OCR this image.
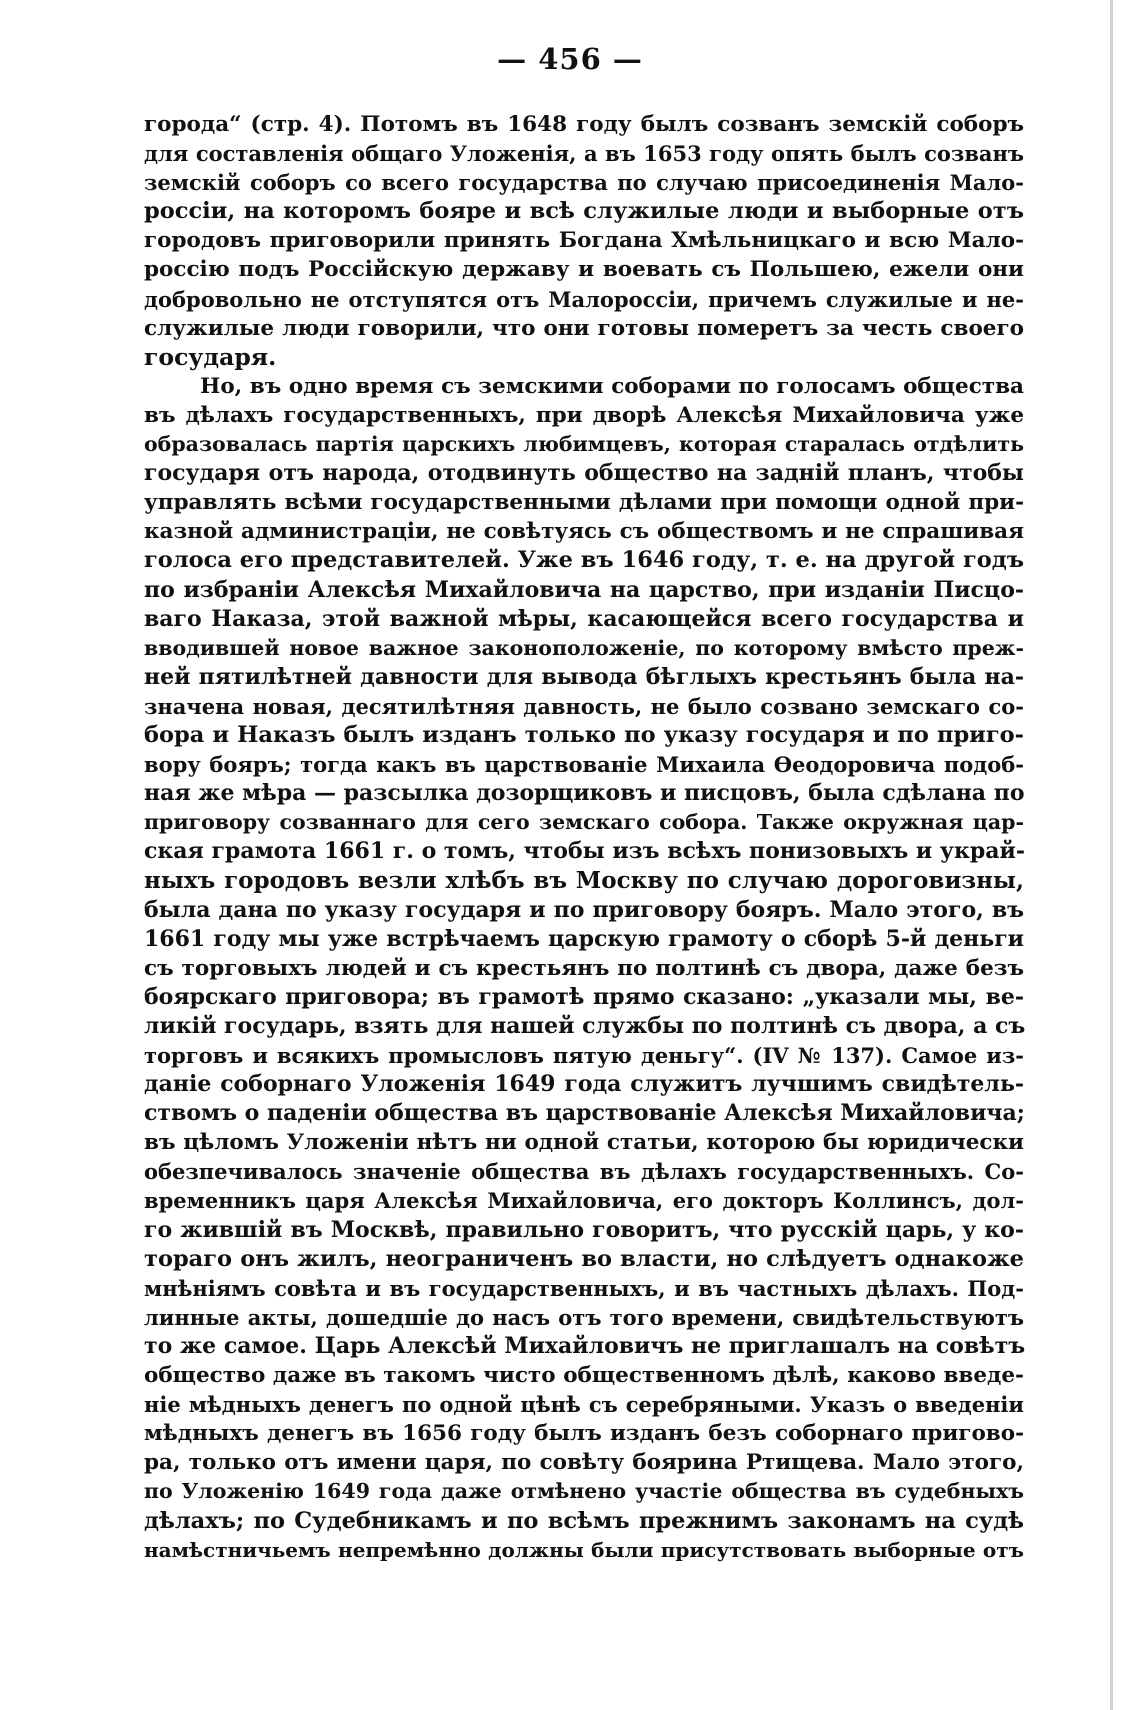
— 456 —
города“ (стр. 4). Потомъ въ 1648 году былъ созванъ земскій соборъ
для составленія общаго Уложенія, а въ 1653 году опять былъ созванъ
земскій соборъ со всего государства по случаю присоединенія Мало-
россіи, на которомъ бояре и всѣ служилые люди и выборные отъ
городовъ приговорили принять Богдана Хмѣльницкаго и всю Мало-
россію подъ Россійскую державу и воевать съ Польшею, ежели они
добровольно не отступятся отъ Малороссіи, причемъ служилые и не-
служилые люди говорили, что они готовы померетъ за честь своего
государя.
Но, въ одно время съ земскими соборами по голосамъ общества
въ дѣлахъ государственныхъ, при дворѣ Алексѣя Михайловича уже
образовалась партія царскихъ любимцевъ, которая старалась отдѣлить
государя отъ народа, отодвинуть общество на задній планъ, чтобы
управлять всѣми государственными дѣлами при помощи одной при-
казной администраціи, не совѣтуясь съ обществомъ и не спрашивая
голоса его представителей. Уже въ 1646 году, т. е. на другой годъ
по избраніи Алексѣя Михайловича на царство, при изданіи Писцо-
ваго Наказа, этой важной мѣры, касающейся всего государства и
вводившей новое важное законоположеніе, по которому вмѣсто преж-
ней пятилѣтней давности для вывода бѣглыхъ крестьянъ была на-
значена новая, десятилѣтняя давность, не было созвано земскаго со-
бора и Наказъ былъ изданъ только по указу государя и по приго-
вору бояръ; тогда какъ въ царствованіе Михаила Ѳеодоровича подоб-
ная же мѣра — разсылка дозорщиковъ и писцовъ, была сдѣлана по
приговору созваннаго для сего земскаго собора. Также окружная цар-
ская грамота 1661 г. о томъ, чтобы изъ всѣхъ понизовыхъ и украй-
ныхъ городовъ везли хлѣбъ въ Москву по случаю дороговизны,
была дана по указу государя и по приговору бояръ. Мало этого, въ
1661 году мы уже встрѣчаемъ царскую грамоту о сборѣ 5-й деньги
съ торговыхъ людей и съ крестьянъ по полтинѣ съ двора, даже безъ
боярскаго приговора; въ грамотѣ прямо сказано: „указали мы, ве-
ликій государь, взять для нашей службы по полтинѣ съ двора, а съ
торговъ и всякихъ промысловъ пятую деньгу“. (IV № 137). Самое из-
даніе соборнаго Уложенія 1649 года служитъ лучшимъ свидѣтель-
ствомъ о паденіи общества въ царствованіе Алексѣя Михайловича;
въ цѣломъ Уложеніи нѣтъ ни одной статьи, которою бы юридически
обезпечивалось значеніе общества въ дѣлахъ государственныхъ. Со-
временникъ царя Алексѣя Михайловича, его докторъ Коллинсъ, дол-
го жившій въ Москвѣ, правильно говоритъ, что русскій царь, у ко-
тораго онъ жилъ, неограниченъ во власти, но слѣдуетъ однакоже
мнѣніямъ совѣта и въ государственныхъ, и въ частныхъ дѣлахъ. Под-
линные акты, дошедшіе до насъ отъ того времени, свидѣтельствуютъ
то же самое. Царь Алексѣй Михайловичъ не приглашалъ на совѣтъ
общество даже въ такомъ чисто общественномъ дѣлѣ, каково введе-
ніе мѣдныхъ денегъ по одной цѣнѣ съ серебряными. Указъ о введеніи
мѣдныхъ денегъ въ 1656 году былъ изданъ безъ соборнаго пригово-
ра, только отъ имени царя, по совѣту боярина Ртищева. Мало этого,
по Уложенію 1649 года даже отмѣнено участіе общества въ судебныхъ
дѣлахъ; по Судебникамъ и по всѣмъ прежнимъ законамъ на судѣ
намѣстничьемъ непремѣнно должны были присутствовать выборные отъ
